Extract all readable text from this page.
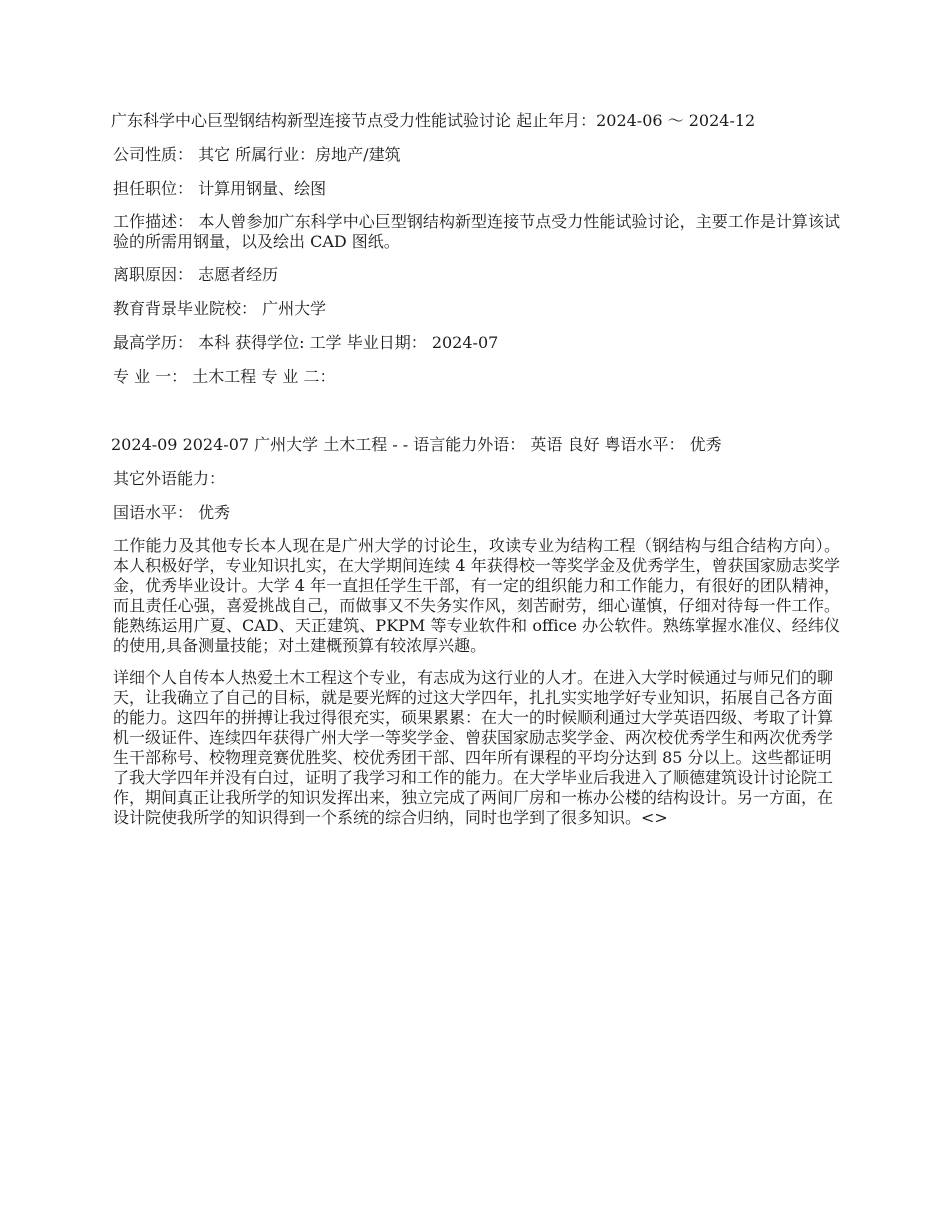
广东科学中心巨型钢结构新型连接节点受力性能试验讨论 起止年月：2024-06 ～ 2024-12
公司性质： 其它 所属行业：房地产/建筑
担任职位： 计算用钢量、绘图
工作描述： 本人曾参加广东科学中心巨型钢结构新型连接节点受力性能试验讨论，主要工作是计算该试验的所需用钢量，以及绘出 CAD 图纸。
离职原因： 志愿者经历
教育背景毕业院校： 广州大学
最高学历： 本科 获得学位: 工学 毕业日期： 2024-07
专 业 一： 土木工程 专 业 二：
2024-09 2024-07 广州大学 土木工程 - - 语言能力外语： 英语 良好 粤语水平： 优秀
其它外语能力：
国语水平： 优秀
工作能力及其他专长本人现在是广州大学的讨论生，攻读专业为结构工程（钢结构与组合结构方向）。本人积极好学，专业知识扎实，在大学期间连续 4 年获得校一等奖学金及优秀学生，曾获国家励志奖学金，优秀毕业设计。大学 4 年一直担任学生干部，有一定的组织能力和工作能力，有很好的团队精神，而且责任心强，喜爱挑战自己，而做事又不失务实作风，刻苦耐劳，细心谨慎，仔细对待每一件工作。能熟练运用广夏、CAD、天正建筑、PKPM 等专业软件和 office 办公软件。熟练掌握水准仪、经纬仪的使用,具备测量技能；对土建概预算有较浓厚兴趣。
详细个人自传本人热爱土木工程这个专业，有志成为这行业的人才。在进入大学时候通过与师兄们的聊天，让我确立了自己的目标，就是要光辉的过这大学四年，扎扎实实地学好专业知识，拓展自己各方面的能力。这四年的拼搏让我过得很充实，硕果累累：在大一的时候顺利通过大学英语四级、考取了计算机一级证件、连续四年获得广州大学一等奖学金、曾获国家励志奖学金、两次校优秀学生和两次优秀学生干部称号、校物理竞赛优胜奖、校优秀团干部、四年所有课程的平均分达到 85 分以上。这些都证明了我大学四年并没有白过，证明了我学习和工作的能力。在大学毕业后我进入了顺德建筑设计讨论院工作，期间真正让我所学的知识发挥出来，独立完成了两间厂房和一栋办公楼的结构设计。另一方面，在设计院使我所学的知识得到一个系统的综合归纳，同时也学到了很多知识。<>
